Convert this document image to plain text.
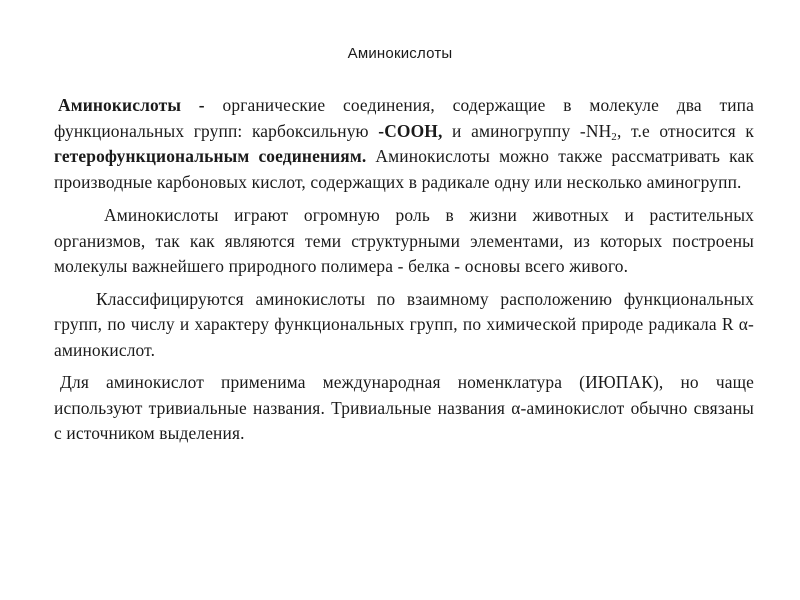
Аминокислоты

Аминокислоты - органические соединения, содержащие в молекуле два типа функциональных групп: карбоксильную -COOH, и аминогруппу $-NH_2$, т.е относится к гетерофункциональным соединениям. Аминокислоты можно также рассматривать как производные карбоновых кислот, содержащих в радикале одну или несколько аминогрупп.

Аминокислоты играют огромную роль в жизни животных и растительных организмов, так как являются теми структурными элементами, из которых построены молекулы важнейшего природного полимера - белка - основы всего живого.

Классифицируются аминокислоты по взаимному расположению функциональных групп, по числу и характеру функциональных групп, по химической природе радикала R α-аминокислот.

Для аминокислот применима международная номенклатура (ИЮПАК), но чаще используют тривиальные названия. Тривиальные названия α-аминокислот обычно связаны с источником выделения.
